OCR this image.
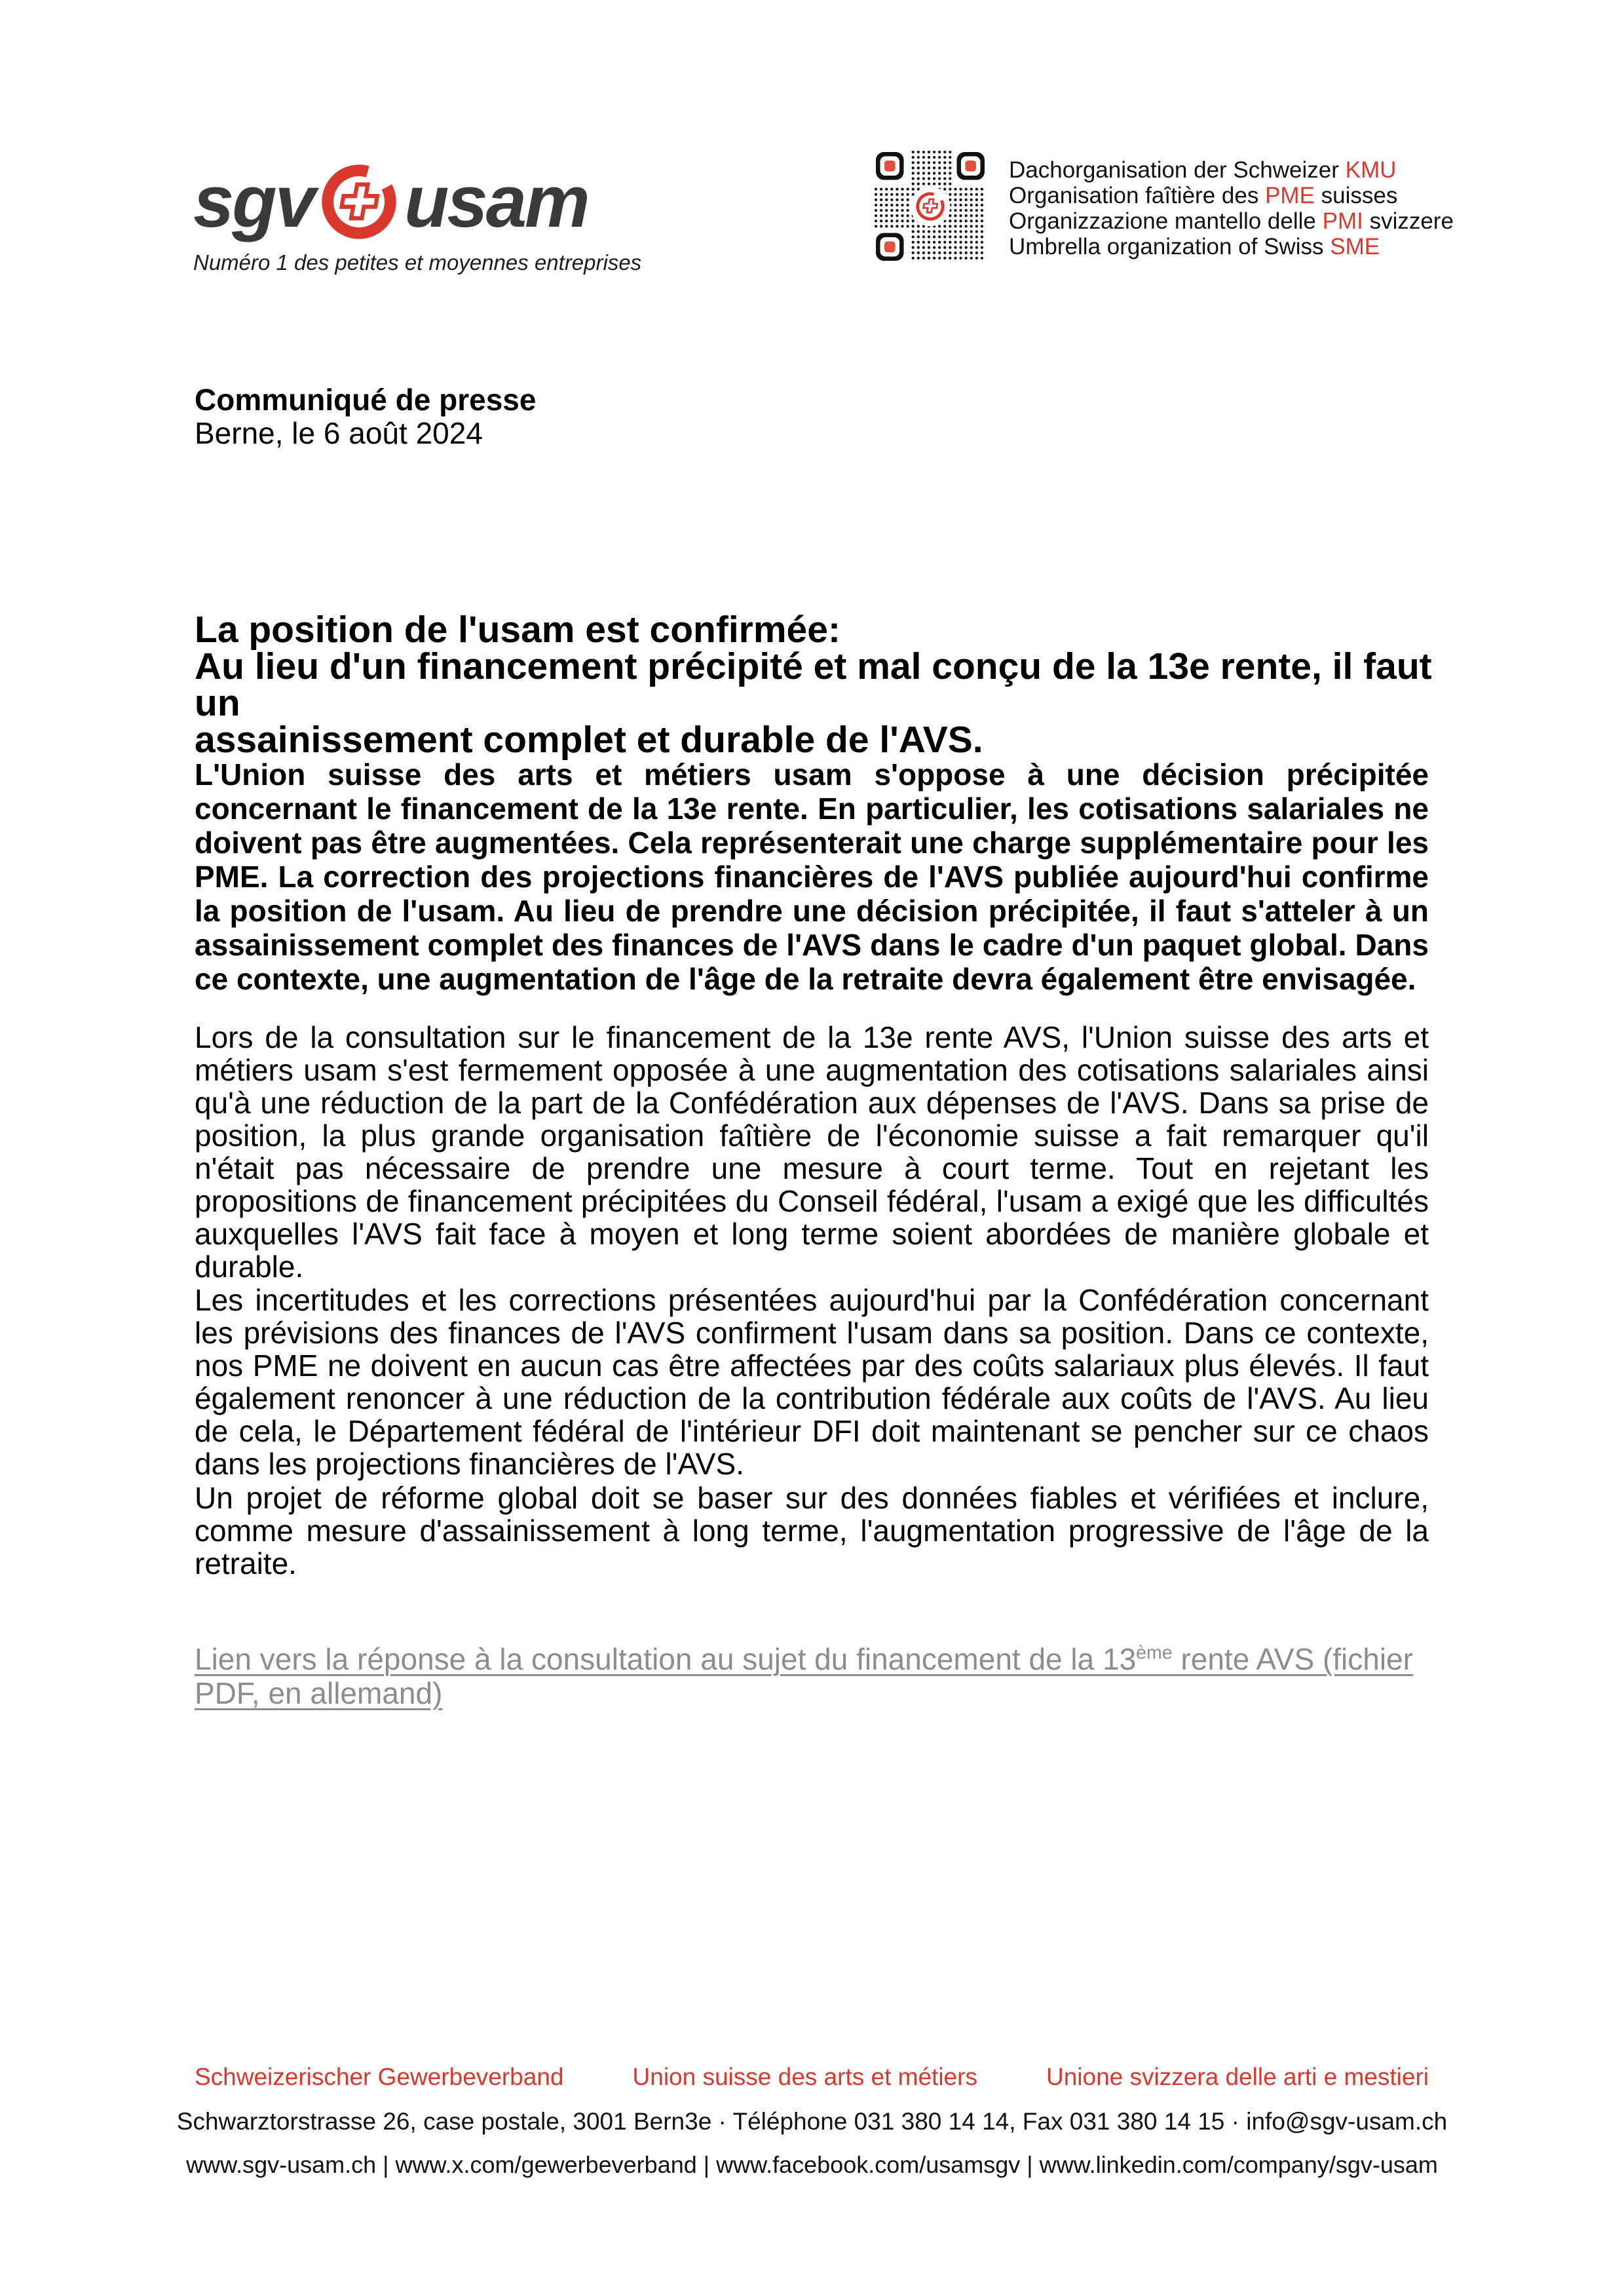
sgv usam
Numéro 1 des petites et moyennes entreprises
Dachorganisation der Schweizer KMU
Organisation faîtière des PME suisses
Organizzazione mantello delle PMI svizzere
Umbrella organization of Swiss SME
Communiqué de presse
Berne, le 6 août 2024
La position de l'usam est confirmée:
Au lieu d'un financement précipité et mal conçu de la 13e rente, il faut un
assainissement complet et durable de l'AVS.

L'Union suisse des arts et métiers usam s'oppose à une décision précipitée concernant le financement de la 13e rente. En particulier, les cotisations salariales ne doivent pas être augmentées. Cela représenterait une charge supplémentaire pour les PME. La correction des projections financières de l'AVS publiée aujourd'hui confirme la position de l'usam. Au lieu de prendre une décision précipitée, il faut s'atteler à un assainissement complet des finances de l'AVS dans le cadre d'un paquet global. Dans ce contexte, une augmentation de l'âge de la retraite devra également être envisagée.

Lors de la consultation sur le financement de la 13e rente AVS, l'Union suisse des arts et métiers usam s'est fermement opposée à une augmentation des cotisations salariales ainsi qu'à une réduction de la part de la Confédération aux dépenses de l'AVS. Dans sa prise de position, la plus grande organisation faîtière de l'économie suisse a fait remarquer qu'il n'était pas nécessaire de prendre une mesure à court terme. Tout en rejetant les propositions de financement précipitées du Conseil fédéral, l'usam a exigé que les difficultés auxquelles l'AVS fait face à moyen et long terme soient abordées de manière globale et durable.

Les incertitudes et les corrections présentées aujourd'hui par la Confédération concernant les prévisions des finances de l'AVS confirment l'usam dans sa position. Dans ce contexte, nos PME ne doivent en aucun cas être affectées par des coûts salariaux plus élevés. Il faut également renoncer à une réduction de la contribution fédérale aux coûts de l'AVS. Au lieu de cela, le Département fédéral de l'intérieur DFI doit maintenant se pencher sur ce chaos dans les projections financières de l'AVS.

Un projet de réforme global doit se baser sur des données fiables et vérifiées et inclure, comme mesure d'assainissement à long terme, l'augmentation progressive de l'âge de la retraite.

Lien vers la réponse à la consultation au sujet du financement de la 13ème rente AVS (fichier PDF, en allemand)
Schweizerischer Gewerbeverband	Union suisse des arts et métiers	Unione svizzera delle arti e mestieri
Schwarztorstrasse 26, case postale, 3001 Bern3e · Téléphone 031 380 14 14, Fax 031 380 14 15 · info@sgv-usam.ch
www.sgv-usam.ch | www.x.com/gewerbeverband | www.facebook.com/usamsgv | www.linkedin.com/company/sgv-usam
